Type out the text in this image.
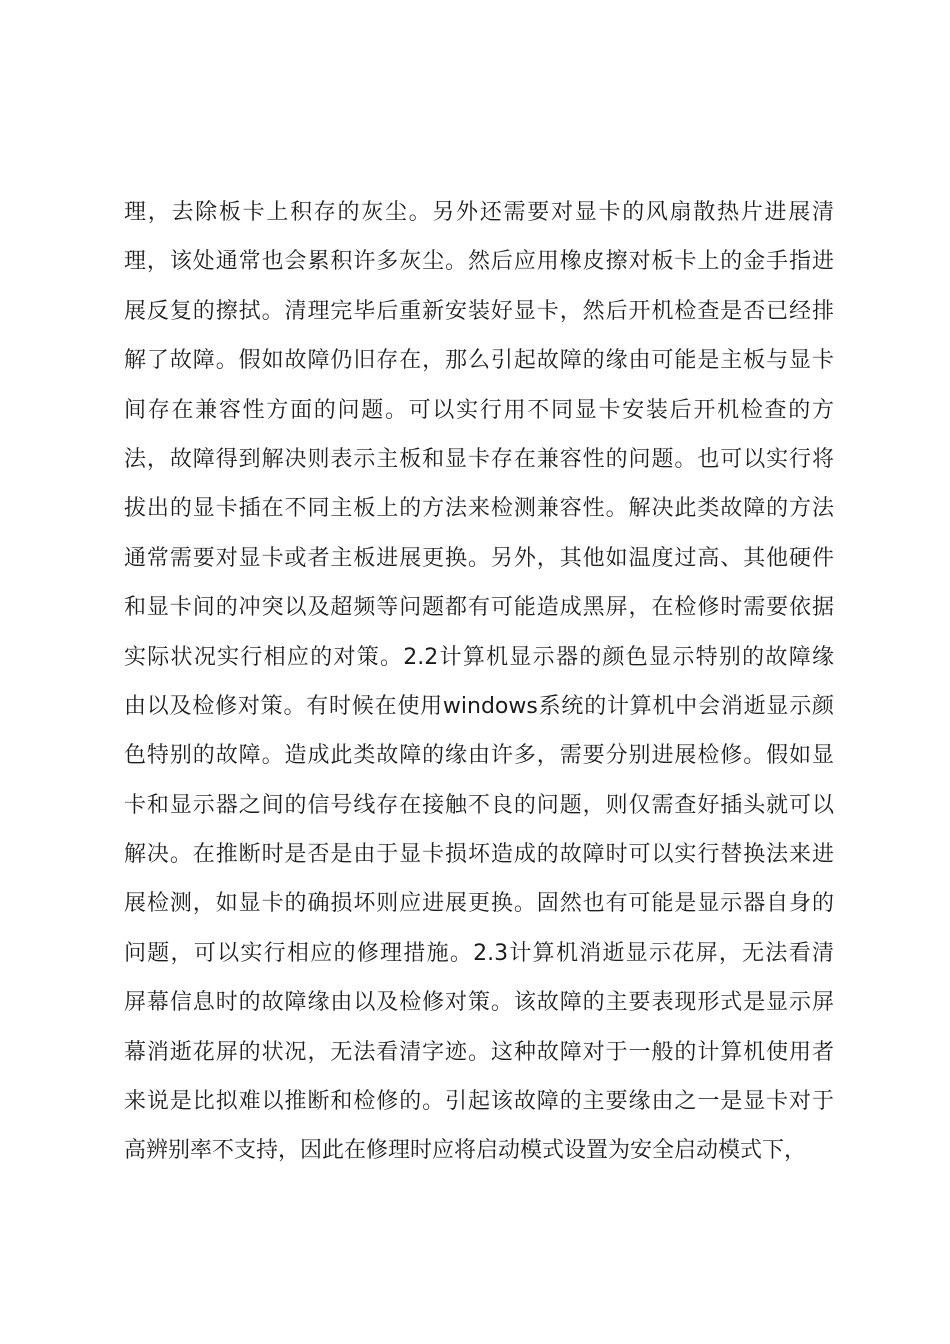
理，去除板卡上积存的灰尘。另外还需要对显卡的风扇散热片进展清
理，该处通常也会累积许多灰尘。然后应用橡皮擦对板卡上的金手指进
展反复的擦拭。清理完毕后重新安装好显卡，然后开机检查是否已经排
解了故障。假如故障仍旧存在，那么引起故障的缘由可能是主板与显卡
间存在兼容性方面的问题。可以实行用不同显卡安装后开机检查的方
法，故障得到解决则表示主板和显卡存在兼容性的问题。也可以实行将
拔出的显卡插在不同主板上的方法来检测兼容性。解决此类故障的方法
通常需要对显卡或者主板进展更换。另外，其他如温度过高、其他硬件
和显卡间的冲突以及超频等问题都有可能造成黑屏，在检修时需要依据
实际状况实行相应的对策。2.2计算机显示器的颜色显示特别的故障缘
由以及检修对策。有时候在使用windows系统的计算机中会消逝显示颜
色特别的故障。造成此类故障的缘由许多，需要分别进展检修。假如显
卡和显示器之间的信号线存在接触不良的问题，则仅需查好插头就可以
解决。在推断时是否是由于显卡损坏造成的故障时可以实行替换法来进
展检测，如显卡的确损坏则应进展更换。固然也有可能是显示器自身的
问题，可以实行相应的修理措施。2.3计算机消逝显示花屏，无法看清
屏幕信息时的故障缘由以及检修对策。该故障的主要表现形式是显示屏
幕消逝花屏的状况，无法看清字迹。这种故障对于一般的计算机使用者
来说是比拟难以推断和检修的。引起该故障的主要缘由之一是显卡对于
高辨别率不支持，因此在修理时应将启动模式设置为安全启动模式下，
